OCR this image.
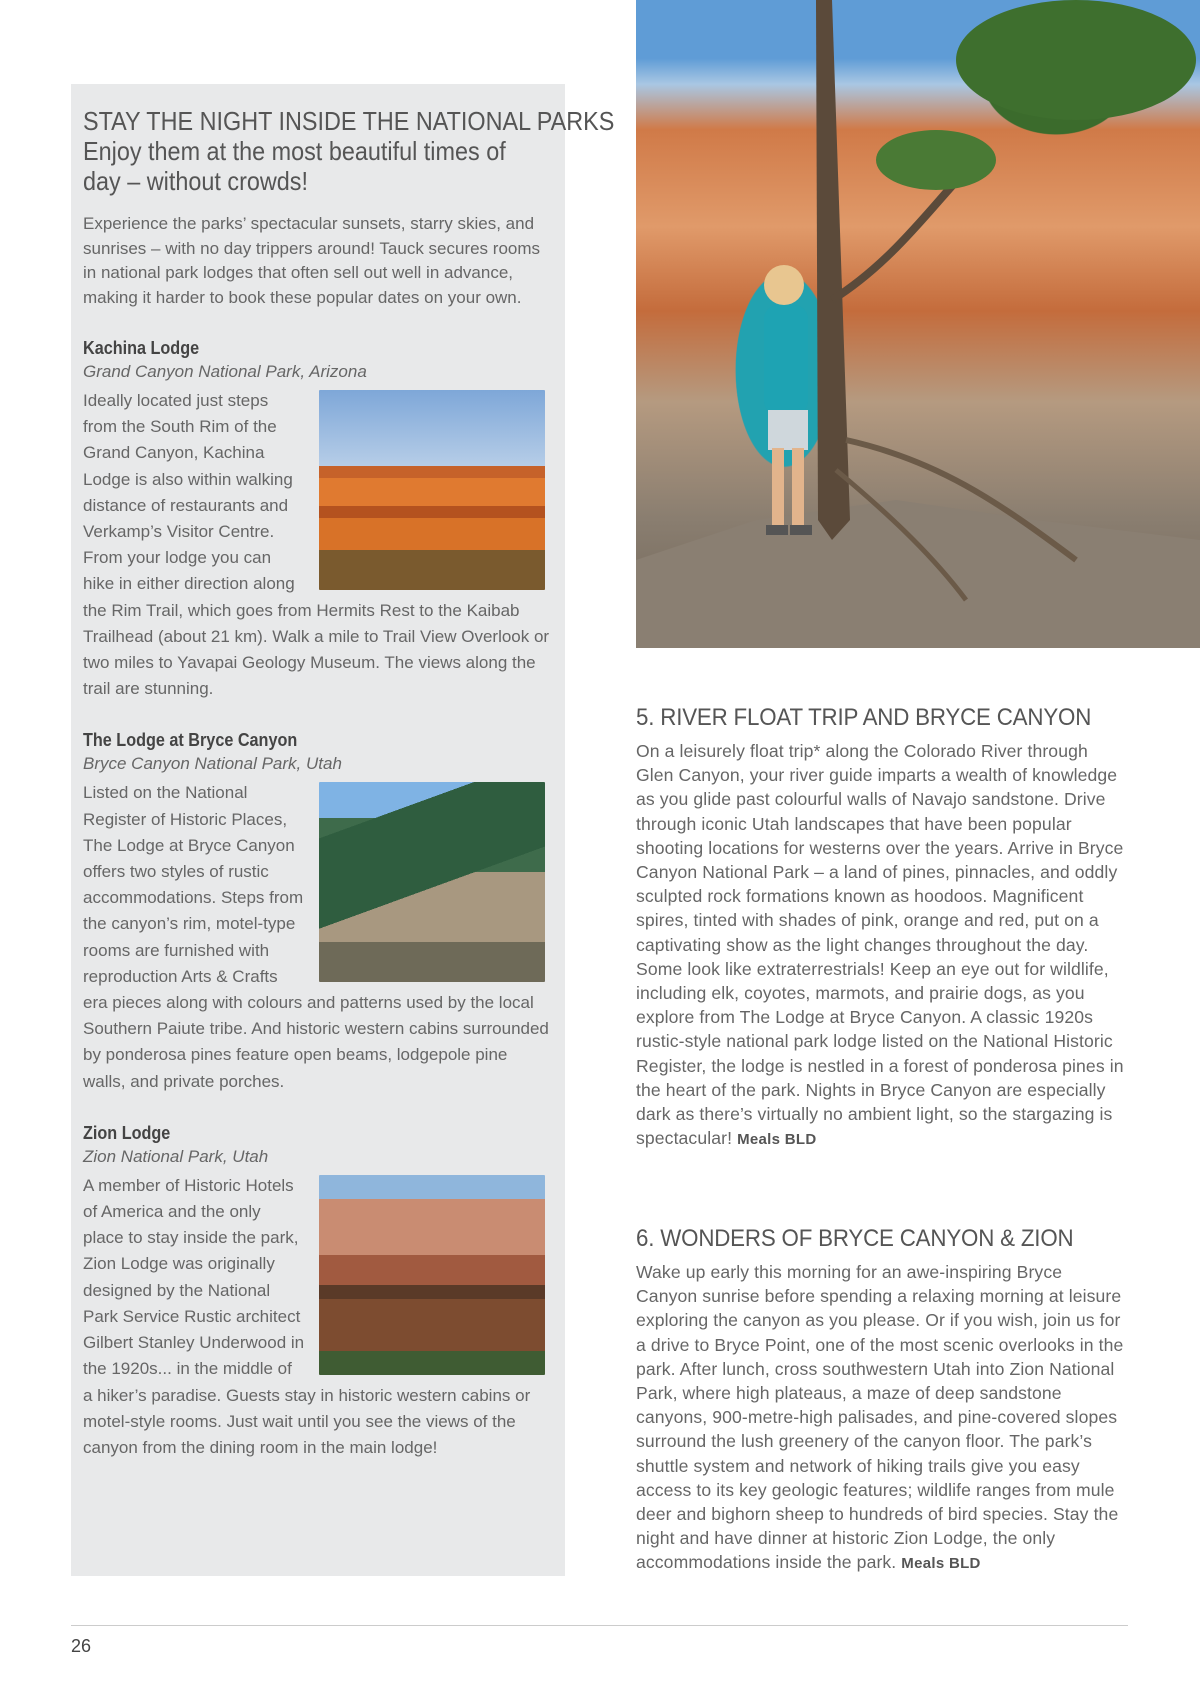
STAY THE NIGHT INSIDE THE NATIONAL PARKS
Enjoy them at the most beautiful times of day – without crowds!
Experience the parks’ spectacular sunsets, starry skies, and sunrises – with no day trippers around! Tauck secures rooms in national park lodges that often sell out well in advance, making it harder to book these popular dates on your own.
Kachina Lodge
Grand Canyon National Park, Arizona
Ideally located just steps from the South Rim of the Grand Canyon, Kachina Lodge is also within walking distance of restaurants and Verkamp’s Visitor Centre. From your lodge you can hike in either direction along the Rim Trail, which goes from Hermits Rest to the Kaibab Trailhead (about 21 km). Walk a mile to Trail View Overlook or two miles to Yavapai Geology Museum. The views along the trail are stunning.
The Lodge at Bryce Canyon
Bryce Canyon National Park, Utah
Listed on the National Register of Historic Places, The Lodge at Bryce Canyon offers two styles of rustic accommodations. Steps from the canyon’s rim, motel-type rooms are furnished with reproduction Arts & Crafts era pieces along with colours and patterns used by the local Southern Paiute tribe. And historic western cabins surrounded by ponderosa pines feature open beams, lodgepole pine walls, and private porches.
Zion Lodge
Zion National Park, Utah
A member of Historic Hotels of America and the only place to stay inside the park, Zion Lodge was originally designed by the National Park Service Rustic architect Gilbert Stanley Underwood in the 1920s... in the middle of a hiker’s paradise. Guests stay in historic western cabins or motel-style rooms. Just wait until you see the views of the canyon from the dining room in the main lodge!
5. RIVER FLOAT TRIP AND BRYCE CANYON
On a leisurely float trip* along the Colorado River through Glen Canyon, your river guide imparts a wealth of knowledge as you glide past colourful walls of Navajo sandstone. Drive through iconic Utah landscapes that have been popular shooting locations for westerns over the years. Arrive in Bryce Canyon National Park – a land of pines, pinnacles, and oddly sculpted rock formations known as hoodoos. Magnificent spires, tinted with shades of pink, orange and red, put on a captivating show as the light changes throughout the day. Some look like extraterrestrials! Keep an eye out for wildlife, including elk, coyotes, marmots, and prairie dogs, as you explore from The Lodge at Bryce Canyon. A classic 1920s rustic-style national park lodge listed on the National Historic Register, the lodge is nestled in a forest of ponderosa pines in the heart of the park. Nights in Bryce Canyon are especially dark as there’s virtually no ambient light, so the stargazing is spectacular! Meals BLD
6. WONDERS OF BRYCE CANYON & ZION
Wake up early this morning for an awe-inspiring Bryce Canyon sunrise before spending a relaxing morning at leisure exploring the canyon as you please. Or if you wish, join us for a drive to Bryce Point, one of the most scenic overlooks in the park. After lunch, cross southwestern Utah into Zion National Park, where high plateaus, a maze of deep sandstone canyons, 900-metre-high palisades, and pine-covered slopes surround the lush greenery of the canyon floor. The park’s shuttle system and network of hiking trails give you easy access to its key geologic features; wildlife ranges from mule deer and bighorn sheep to hundreds of bird species. Stay the night and have dinner at historic Zion Lodge, the only accommodations inside the park. Meals BLD
26
